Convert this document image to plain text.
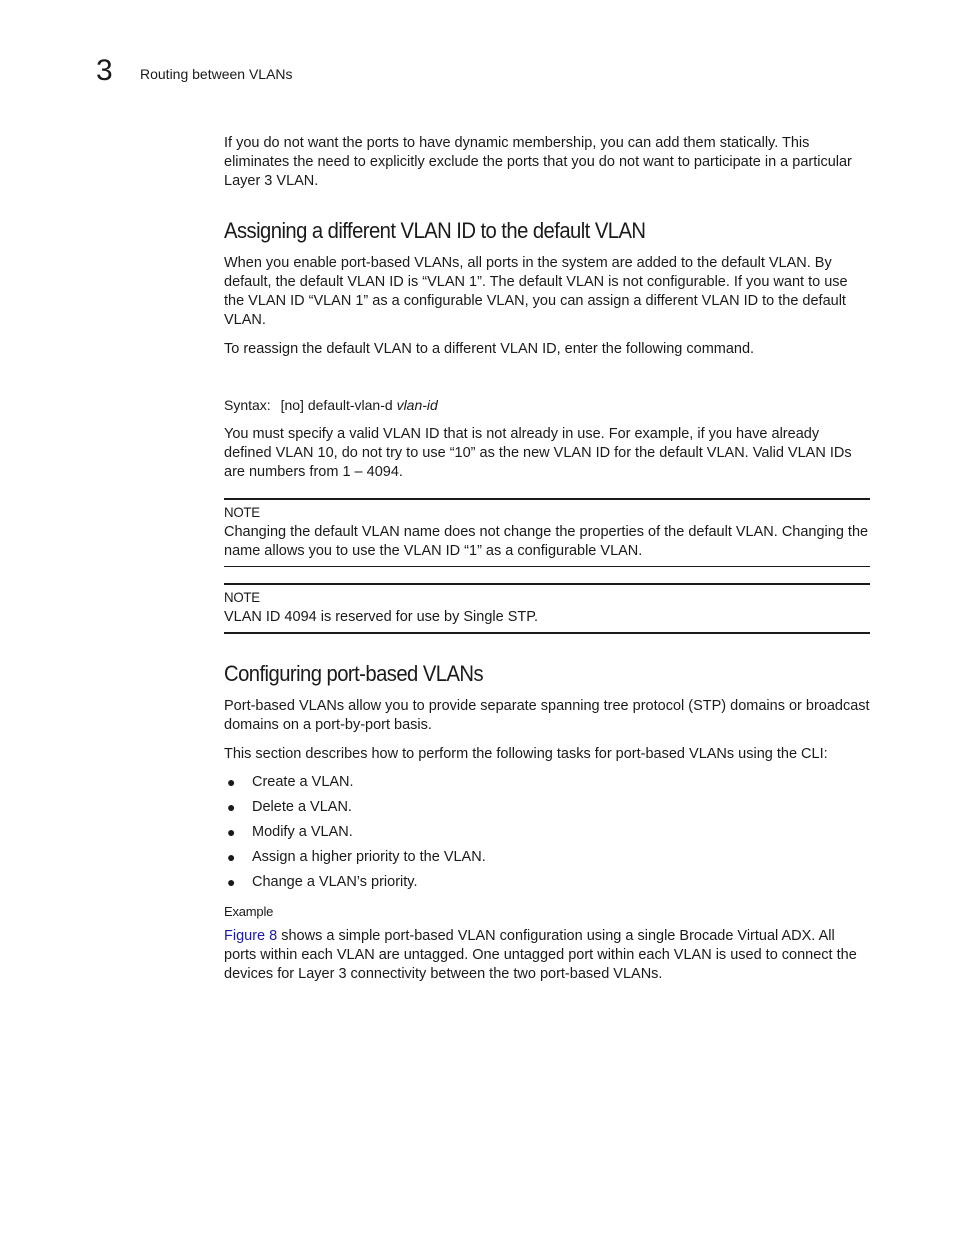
3 Routing between VLANs

If you do not want the ports to have dynamic membership, you can add them statically. This eliminates the need to explicitly exclude the ports that you do not want to participate in a particular Layer 3 VLAN.

Assigning a different VLAN ID to the default VLAN

When you enable port-based VLANs, all ports in the system are added to the default VLAN. By default, the default VLAN ID is “VLAN 1”. The default VLAN is not configurable. If you want to use the VLAN ID “VLAN 1” as a configurable VLAN, you can assign a different VLAN ID to the default VLAN.

To reassign the default VLAN to a different VLAN ID, enter the following command.

Syntax: [no] default-vlan-d vlan-id

You must specify a valid VLAN ID that is not already in use. For example, if you have already defined VLAN 10, do not try to use “10” as the new VLAN ID for the default VLAN. Valid VLAN IDs are numbers from 1 – 4094.

NOTE

Changing the default VLAN name does not change the properties of the default VLAN. Changing the name allows you to use the VLAN ID “1” as a configurable VLAN.

NOTE

VLAN ID 4094 is reserved for use by Single STP.

Configuring port-based VLANs

Port-based VLANs allow you to provide separate spanning tree protocol (STP) domains or broadcast domains on a port-by-port basis.

This section describes how to perform the following tasks for port-based VLANs using the CLI:

● Create a VLAN.
● Delete a VLAN.
● Modify a VLAN.
● Assign a higher priority to the VLAN.
● Change a VLAN’s priority.
Example

Figure 8 shows a simple port-based VLAN configuration using a single Brocade Virtual ADX. All ports within each VLAN are untagged. One untagged port within each VLAN is used to connect the devices for Layer 3 connectivity between the two port-based VLANs.
